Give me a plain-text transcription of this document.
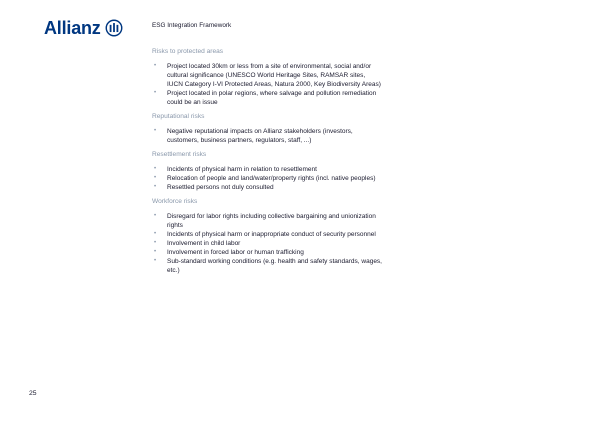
Allianz	ESG Integration Framework
Risks to protected areas
• Project located 30km or less from a site of environmental, social and/or cultural significance (UNESCO World Heritage Sites, RAMSAR sites, IUCN Category I-VI Protected Areas, Natura 2000, Key Biodiversity Areas)
• Project located in polar regions, where salvage and pollution remediation could be an issue
Reputational risks
• Negative reputational impacts on Allianz stakeholders (investors, customers, business partners, regulators, staff, ...)
Resettlement risks
• Incidents of physical harm in relation to resettlement
• Relocation of people and land/water/property rights (incl. native peoples)
• Resettled persons not duly consulted
Workforce risks
• Disregard for labor rights including collective bargaining and unionization rights
• Incidents of physical harm or inappropriate conduct of security personnel
• Involvement in child labor
• Involvement in forced labor or human trafficking
• Sub-standard working conditions (e.g. health and safety standards, wages, etc.)
25
